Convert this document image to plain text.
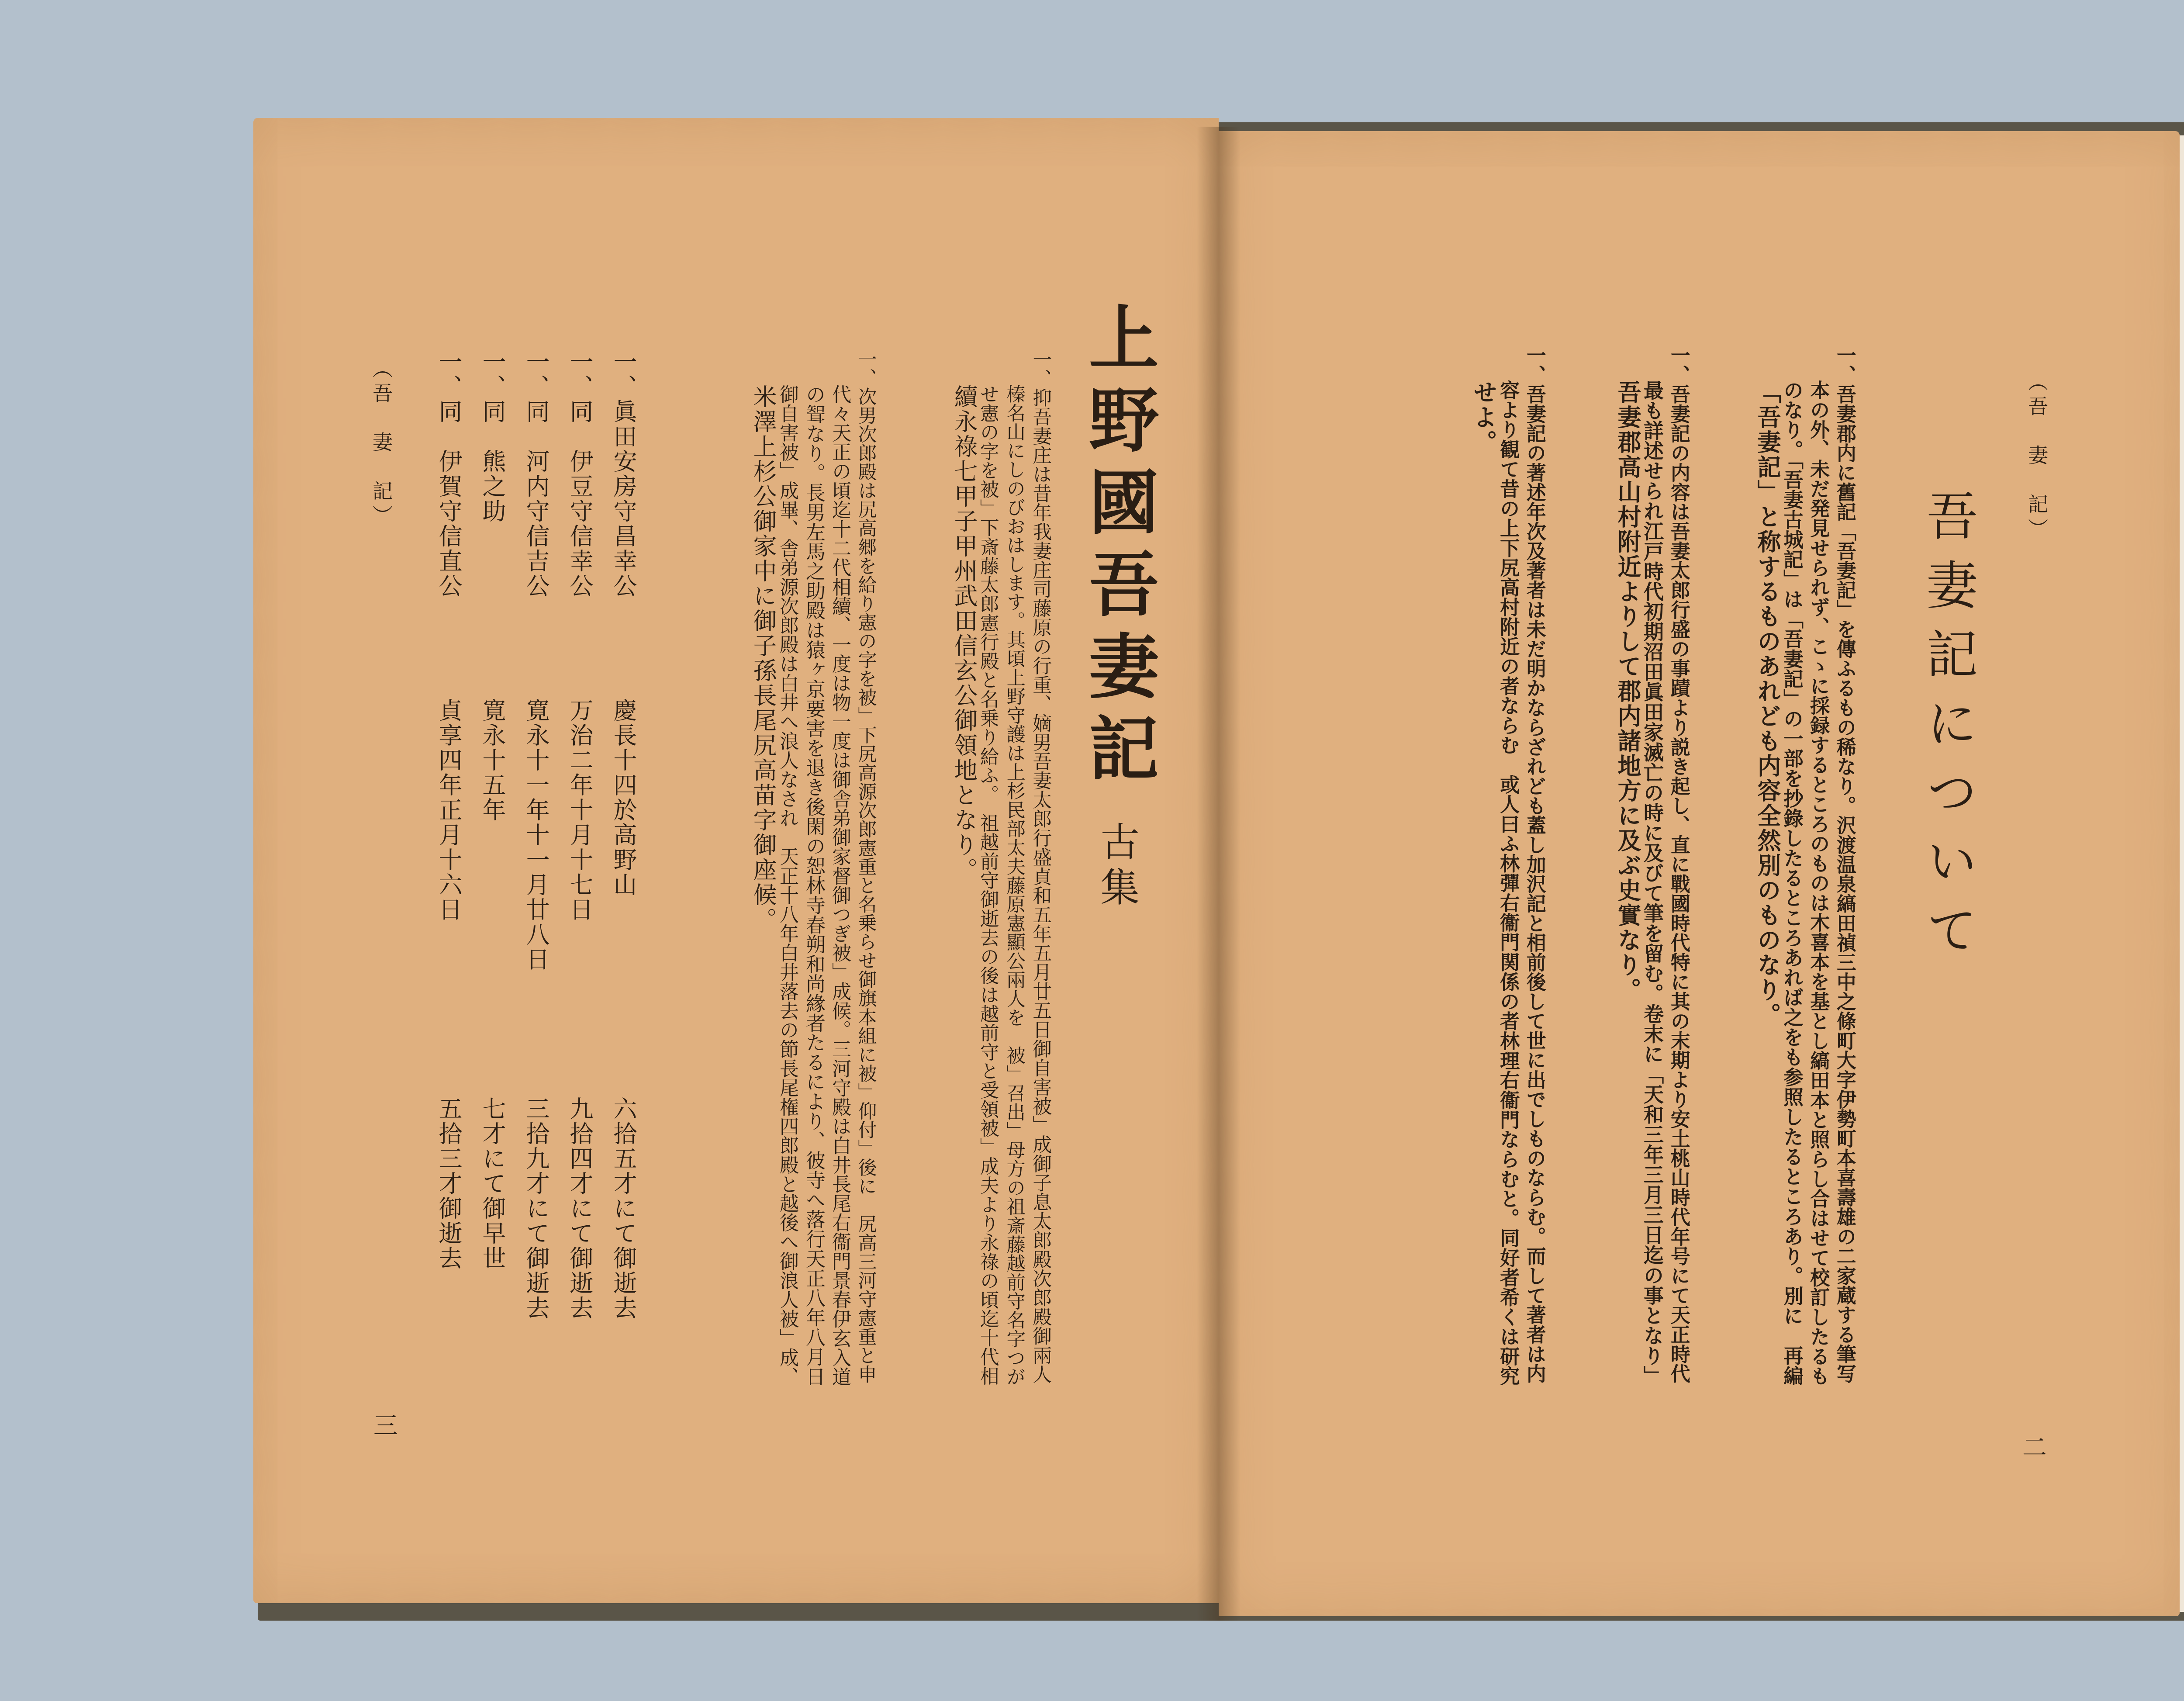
上野國吾妻記
古集
一、抑吾妻庄は昔年我妻庄司藤原の行重、嫡男吾妻太郎行盛貞和五年五月廿五日御自害被」成御子息太郎殿次郎殿御兩人
榛名山にしのびおはします。其頃上野守護は上杉民部太夫藤原憲顯公兩人を　被」召出」母方の祖斎藤越前守名字つが
せ憲の字を被」下斎藤太郎憲行殿と名乗り給ふ。　祖越前守御逝去の後は越前守と受領被」成夫より永祿の頃迄十代相
續永祿七甲子甲州武田信玄公御領地となり。
一、次男次郎殿は尻高郷を給り憲の字を被」下尻高源次郎憲重と名乗らせ御旗本組に被」仰付」後に　尻高三河守憲重と申
代々天正の頃迄十二代相續、一度は物一度は御舎弟御家督御つぎ被」成候。三河守殿は白井長尾右衞門景春伊玄入道
の聟なり。長男左馬之助殿は猿ヶ京要害を退き後閑の恕林寺春朔和尚緣者たるにより、彼寺へ落行天正八年八月日
御自害被」成畢、舎弟源次郎殿は白井へ浪人なされ　天正十八年白井落去の節長尾権四郎殿と越後へ御浪人被」成、
米澤上杉公御家中に御子孫長尾尻高苗字御座候。
一、眞田安房守昌幸公　　　　慶長十四於高野山　　　　　　　　六拾五才にて御逝去
一、同　伊豆守信幸公　　　　万治二年十月十七日　　　　　　　九拾四才にて御逝去
一、同　河内守信吉公　　　　寛永十一年十一月廿八日　　　　　三拾九才にて御逝去
一、同　熊之助　　　　　　　寛永十五年　　　　　　　　　　　七才にて御早世
一、同　伊賀守信直公　　　　貞享四年正月十六日　　　　　　　五拾三才御逝去
（吾　妻　記）
三
（吾　妻　記）
吾妻記について
一、吾妻郡内に舊記「吾妻記」を傳ふるもの稀なり。沢渡温泉縞田禎三中之條町大字伊勢町本喜壽雄の二家蔵する筆写
本の外、未だ発見せられず、こゝに採録するところのものは木喜本を基とし縞田本と照らし合はせて校訂したるも
のなり。「吾妻古城記」は「吾妻記」の一部を抄錄したるところあれば之をも参照したるところあり。別に　再編
「吾妻記」と称するものあれども内容全然別のものなり。
一、吾妻記の内容は吾妻太郎行盛の事蹟より説き起し、直に戰國時代特に其の末期より安土桃山時代年号にて天正時代
最も詳述せられ江戸時代初期沼田眞田家滅亡の時に及びて筆を留む。卷末に「天和三年三月三日迄の事となり」
吾妻郡高山村附近よりして郡内諸地方に及ぶ史實なり。
一、吾妻記の著述年次及著者は未だ明かならざれども蓋し加沢記と相前後して世に出でしものならむ。而して著者は内
容より観て昔の上下尻高村附近の者ならむ　或人曰ふ林彈右衞門関係の者林理右衞門ならむと。同好者希くは研究
せよ。
二
